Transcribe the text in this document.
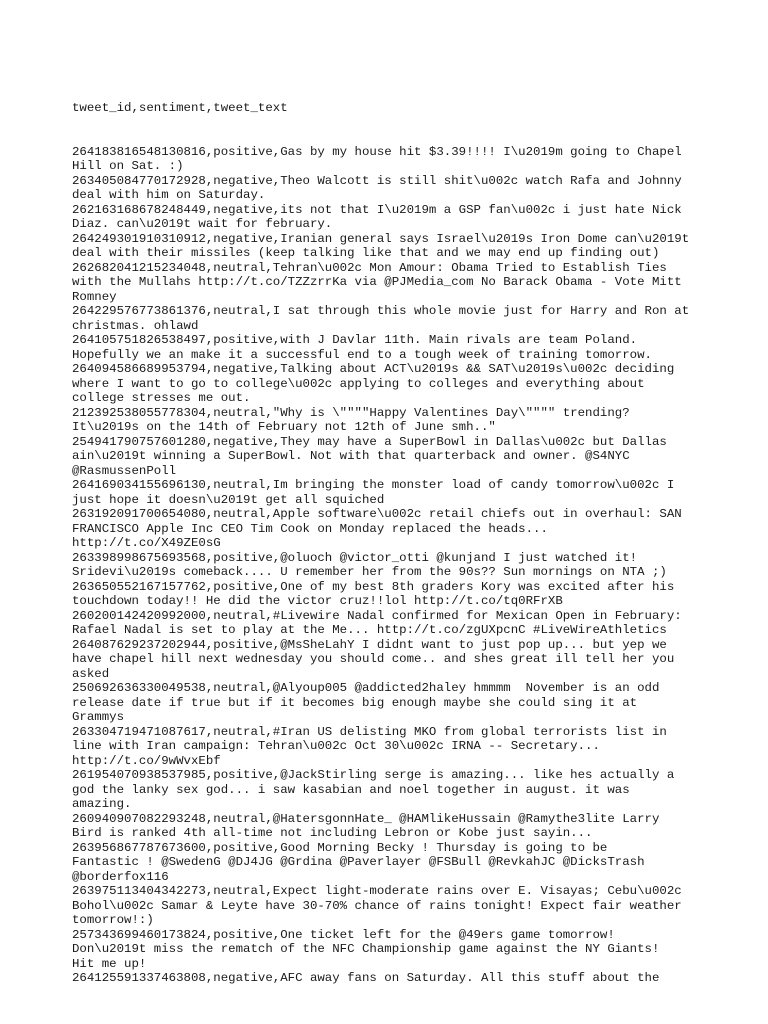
tweet_id,sentiment,tweet_text

264183816548130816,positive,Gas by my house hit $3.39!!!! I\u2019m going to Chapel
Hill on Sat. :)
263405084770172928,negative,Theo Walcott is still shit\u002c watch Rafa and Johnny
deal with him on Saturday.
262163168678248449,negative,its not that I\u2019m a GSP fan\u002c i just hate Nick
Diaz. can\u2019t wait for february.
264249301910310912,negative,Iranian general says Israel\u2019s Iron Dome can\u2019t
deal with their missiles (keep talking like that and we may end up finding out)
262682041215234048,neutral,Tehran\u002c Mon Amour: Obama Tried to Establish Ties
with the Mullahs http://t.co/TZZzrrKa via @PJMedia_com No Barack Obama - Vote Mitt
Romney
264229576773861376,neutral,I sat through this whole movie just for Harry and Ron at
christmas. ohlawd
264105751826538497,positive,with J Davlar 11th. Main rivals are team Poland.
Hopefully we an make it a successful end to a tough week of training tomorrow.
264094586689953794,negative,Talking about ACT\u2019s && SAT\u2019s\u002c deciding
where I want to go to college\u002c applying to colleges and everything about
college stresses me out.
212392538055778304,neutral,"Why is \""""Happy Valentines Day\"""" trending?
It\u2019s on the 14th of February not 12th of June smh.."
254941790757601280,negative,They may have a SuperBowl in Dallas\u002c but Dallas
ain\u2019t winning a SuperBowl. Not with that quarterback and owner. @S4NYC
@RasmussenPoll
264169034155696130,neutral,Im bringing the monster load of candy tomorrow\u002c I
just hope it doesn\u2019t get all squiched
263192091700654080,neutral,Apple software\u002c retail chiefs out in overhaul: SAN
FRANCISCO Apple Inc CEO Tim Cook on Monday replaced the heads...
http://t.co/X49ZE0sG
263398998675693568,positive,@oluoch @victor_otti @kunjand I just watched it!
Sridevi\u2019s comeback.... U remember her from the 90s?? Sun mornings on NTA ;)
263650552167157762,positive,One of my best 8th graders Kory was excited after his
touchdown today!! He did the victor cruz!!lol http://t.co/tq0RFrXB
260200142420992000,neutral,#Livewire Nadal confirmed for Mexican Open in February:
Rafael Nadal is set to play at the Me... http://t.co/zgUXpcnC #LiveWireAthletics
264087629237202944,positive,@MsSheLahY I didnt want to just pop up... but yep we
have chapel hill next wednesday you should come.. and shes great ill tell her you
asked
250692636330049538,neutral,@Alyoup005 @addicted2haley hmmmm  November is an odd
release date if true but if it becomes big enough maybe she could sing it at
Grammys
263304719471087617,neutral,#Iran US delisting MKO from global terrorists list in
line with Iran campaign: Tehran\u002c Oct 30\u002c IRNA -- Secretary...
http://t.co/9wWvxEbf
261954070938537985,positive,@JackStirling serge is amazing... like hes actually a
god the lanky sex god... i saw kasabian and noel together in august. it was
amazing.
260940907082293248,neutral,@HatersgonnHate_ @HAMlikeHussain @Ramythe3lite Larry
Bird is ranked 4th all-time not including Lebron or Kobe just sayin...
263956867787673600,positive,Good Morning Becky ! Thursday is going to be
Fantastic ! @SwedenG @DJ4JG @Grdina @Paverlayer @FSBull @RevkahJC @DicksTrash
@borderfox116
263975113404342273,neutral,Expect light-moderate rains over E. Visayas; Cebu\u002c
Bohol\u002c Samar & Leyte have 30-70% chance of rains tonight! Expect fair weather
tomorrow!:)
257343699460173824,positive,One ticket left for the @49ers game tomorrow!
Don\u2019t miss the rematch of the NFC Championship game against the NY Giants!
Hit me up!
264125591337463808,negative,AFC away fans on Saturday. All this stuff about the
